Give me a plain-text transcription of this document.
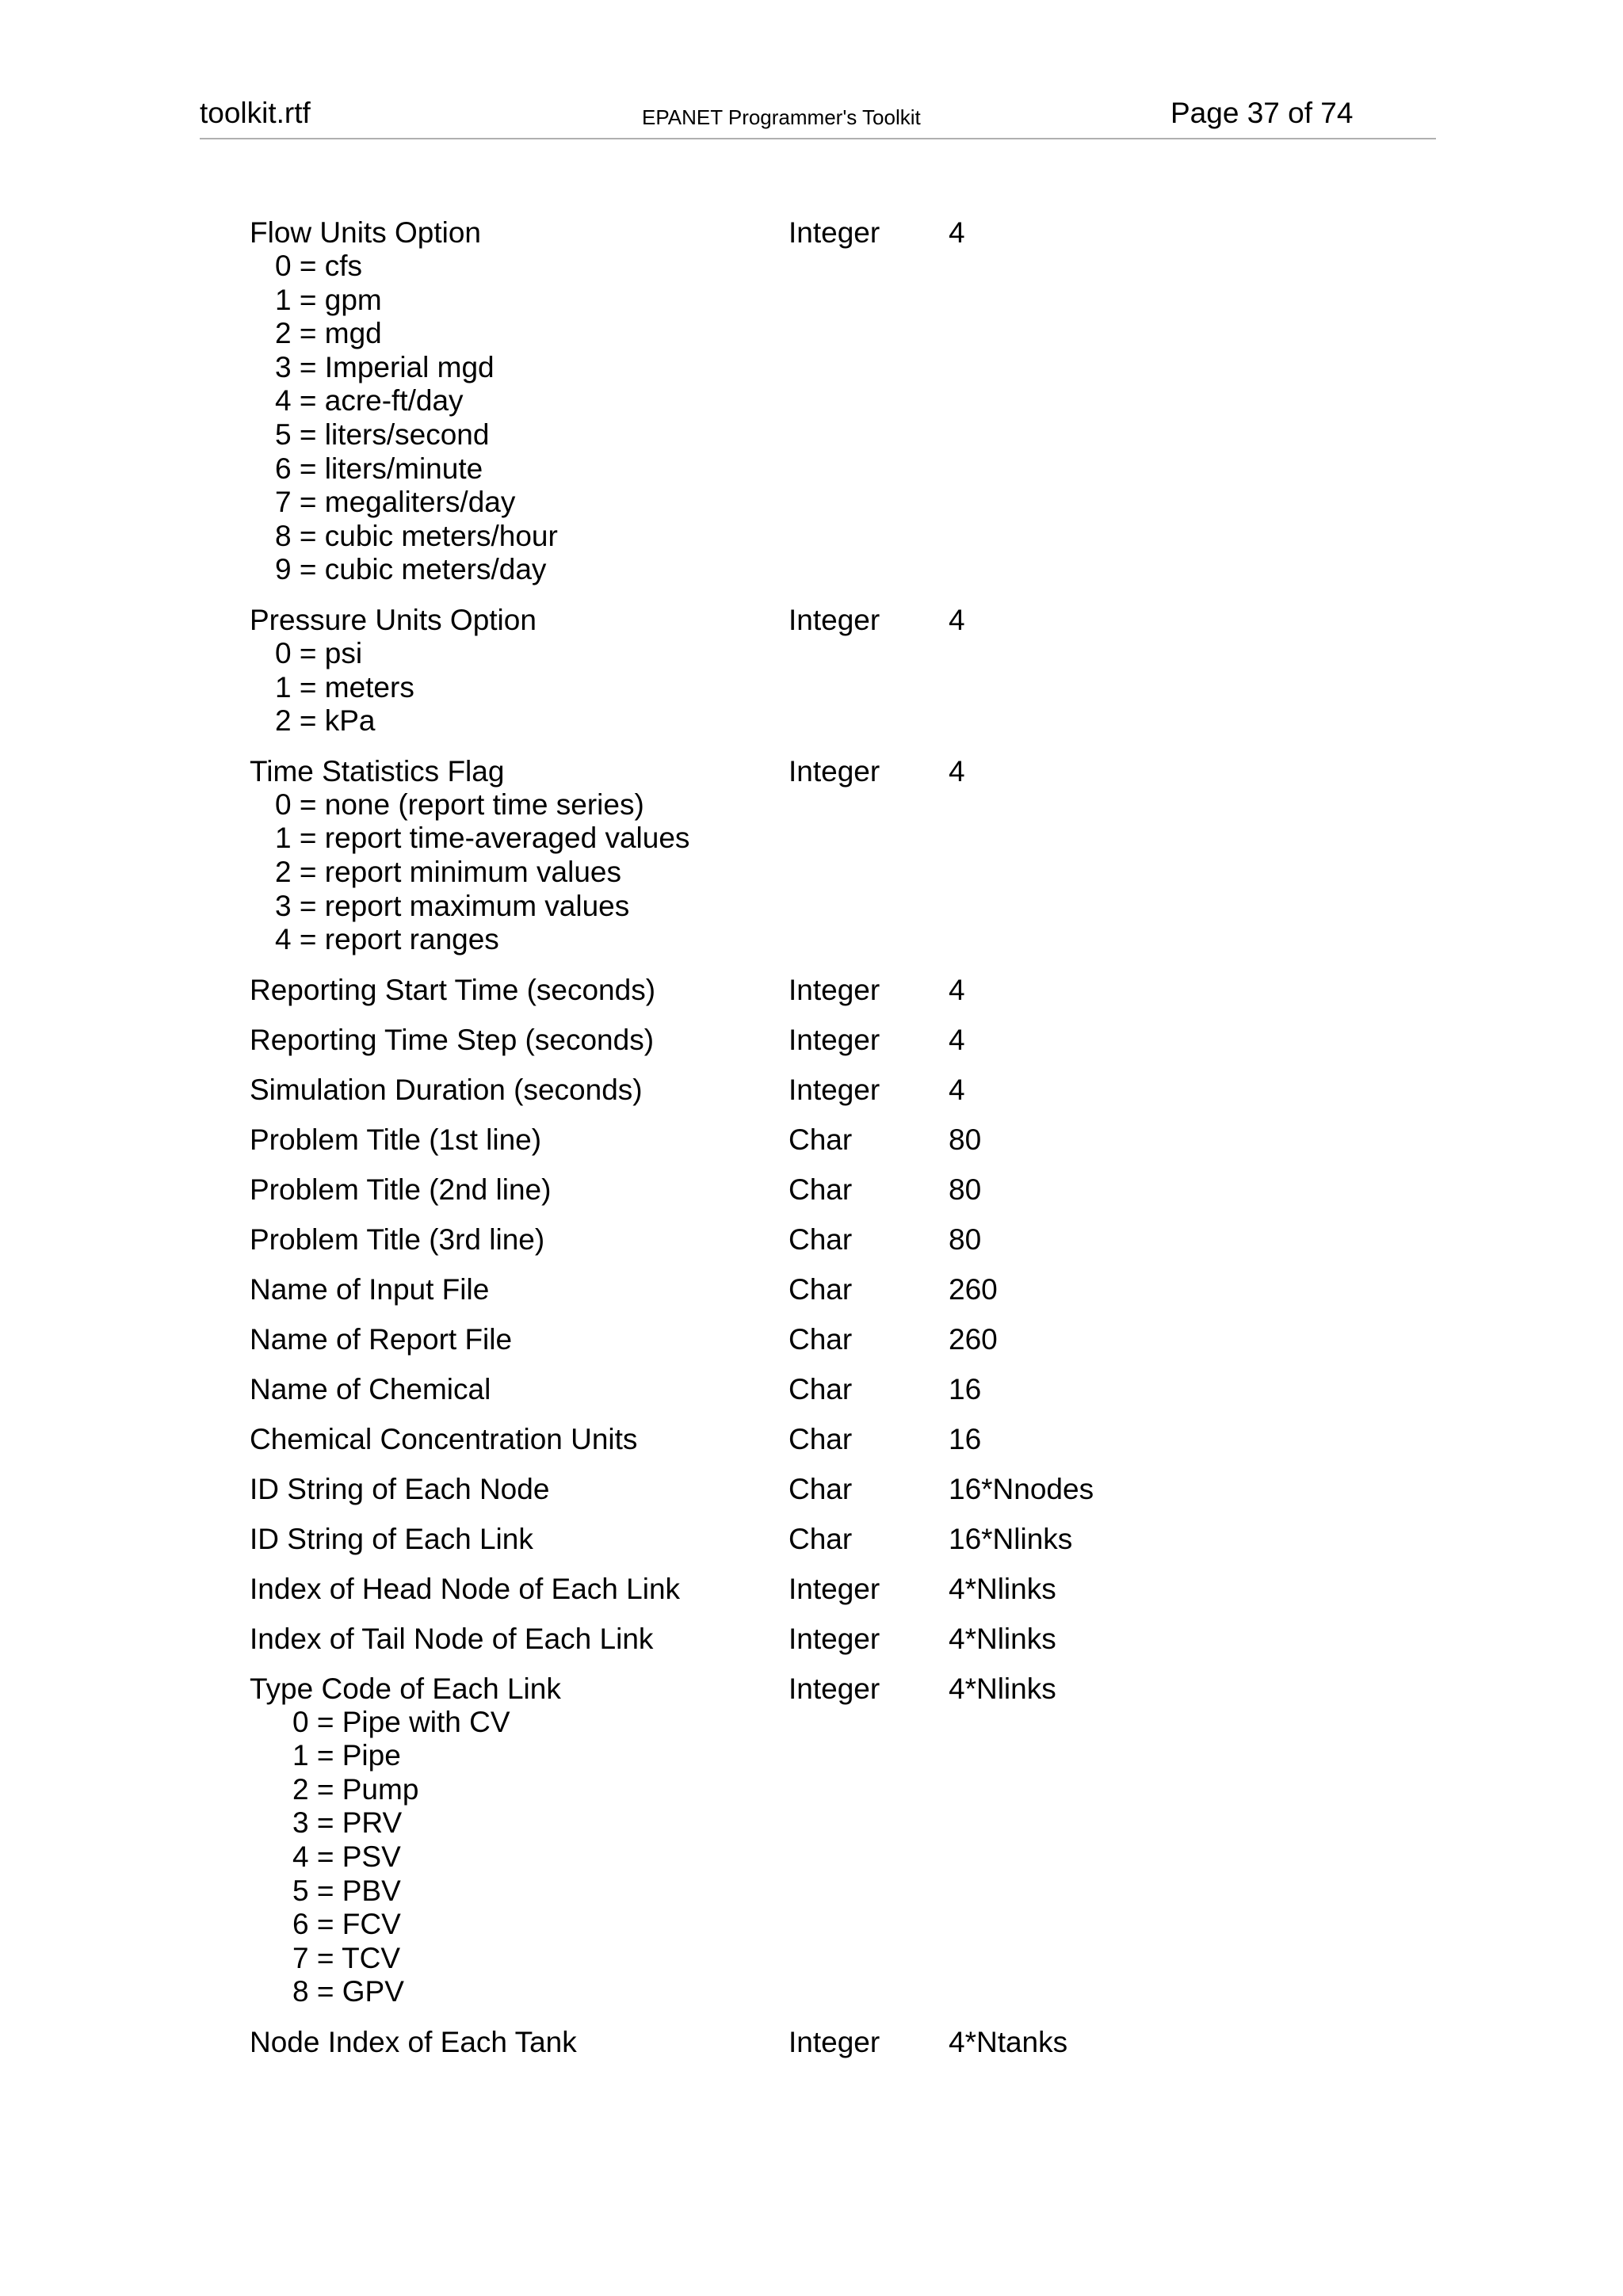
toolkit.rtf	EPANET Programmer's Toolkit	Page 37 of 74
Flow Units Option	Integer 4
0 = cfs
1 = gpm
2 = mgd
3 = Imperial mgd
4 = acre-ft/day
5 = liters/second
6 = liters/minute
7 = megaliters/day
8 = cubic meters/hour
9 = cubic meters/day
Pressure Units Option	Integer 4
0 = psi
1 = meters
2 = kPa
Time Statistics Flag	Integer 4
0 = none (report time series)
1 = report time-averaged values
2 = report minimum values
3 = report maximum values
4 = report ranges
Reporting Start Time (seconds)	Integer 4
Reporting Time Step (seconds)	Integer 4
Simulation Duration (seconds)	Integer 4
Problem Title (1st line)	Char	80
Problem Title (2nd line)	Char	80
Problem Title (3rd line)	Char	80
Name of Input File	Char	260
Name of Report File	Char	260
Name of Chemical	Char	16
Chemical Concentration Units	Char	16
ID String of Each Node	Char	16*Nnodes
ID String of Each Link	Char	16*Nlinks
Index of Head Node of Each Link	Integer 4*Nlinks
Index of Tail Node of Each Link	Integer 4*Nlinks
Type Code of Each Link	Integer 4*Nlinks
0 = Pipe with CV
1 = Pipe
2 = Pump
3 = PRV
4 = PSV
5 = PBV
6 = FCV
7 = TCV
8 = GPV
Node Index of Each Tank	Integer 4*Ntanks
